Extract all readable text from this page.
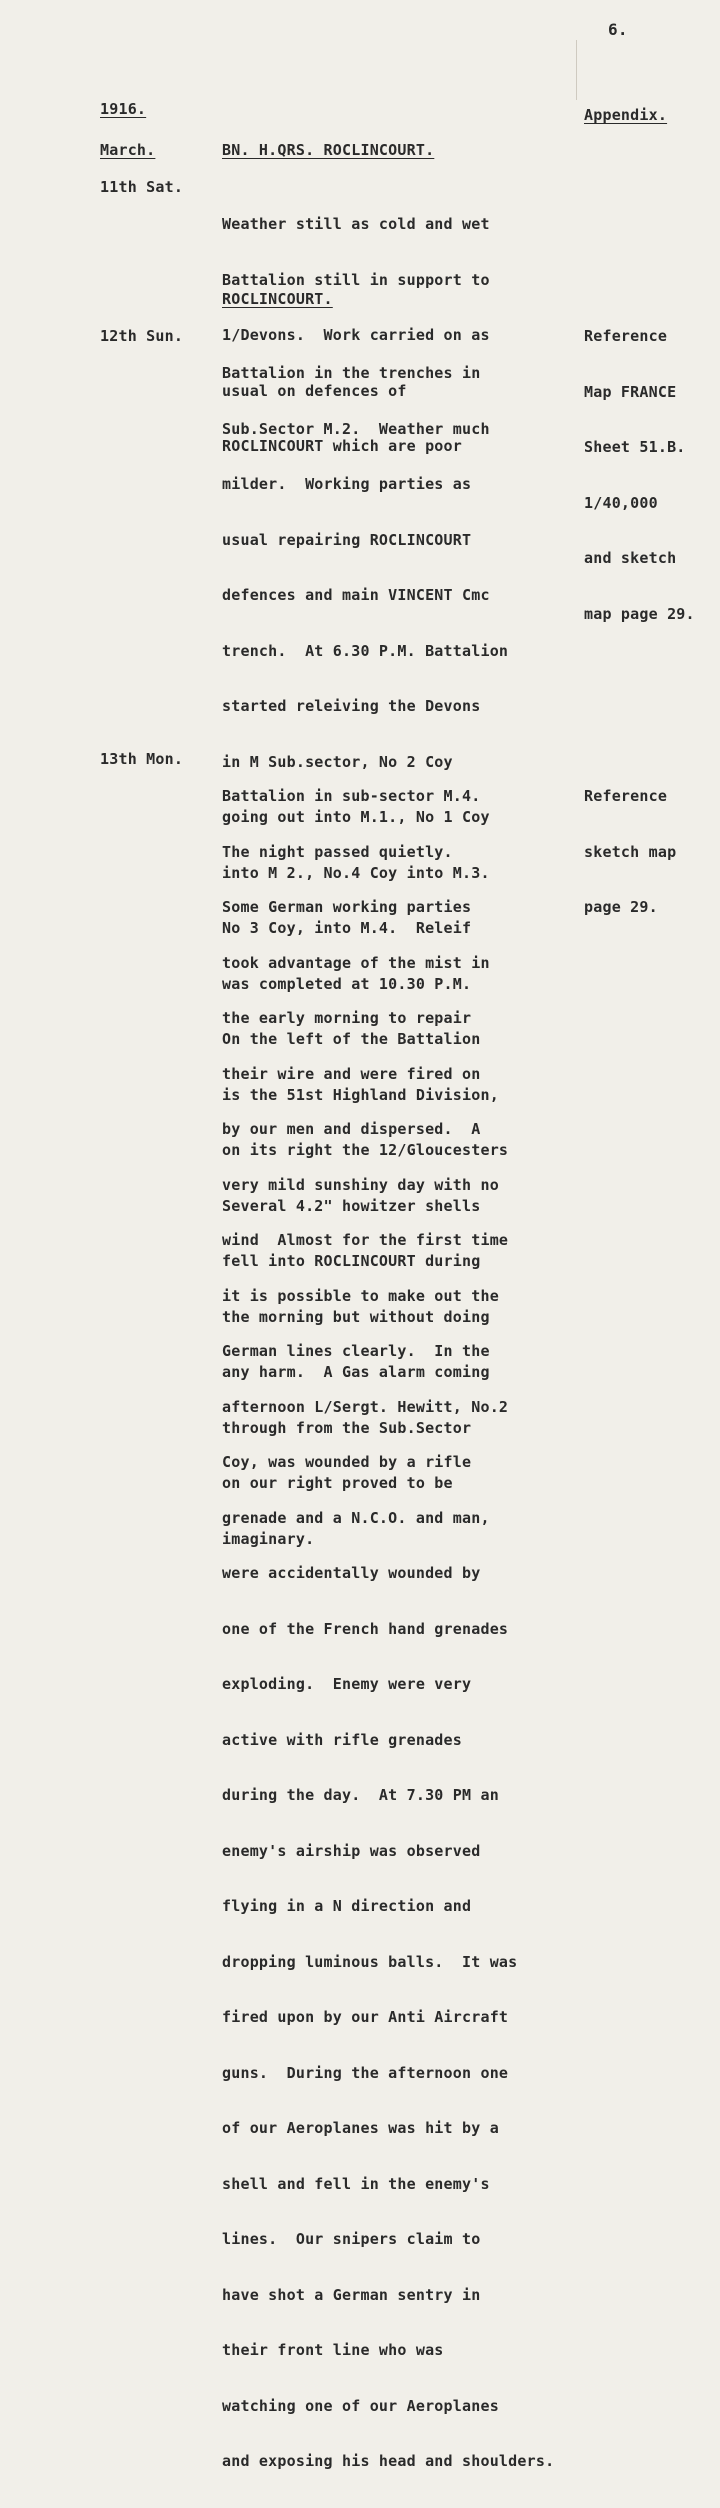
6.

1916.	Appendix.

March.	BN. H.QRS. ROCLINCOURT.

11th Sat.

Weather still as cold and wet

Battalion still in support to

1/Devons.  Work carried on as

usual on defences of

ROCLINCOURT which are poor

ROCLINCOURT.

Reference

Map FRANCE

Sheet 51.B.

1/40,000

and sketch

map page 29.

12th Sun.

Battalion in the trenches in

Sub.Sector M.2.  Weather much

milder.  Working parties as

usual repairing ROCLINCOURT

defences and main VINCENT Cmc

trench.  At 6.30 P.M. Battalion

started releiving the Devons

in M Sub.sector, No 2 Coy

going out into M.1., No 1 Coy

into M 2., No.4 Coy into M.3.

No 3 Coy, into M.4.  Releif

was completed at 10.30 P.M.

On the left of the Battalion

is the 51st Highland Division,

on its right the 12/Gloucesters

Several 4.2" howitzer shells

fell into ROCLINCOURT during

the morning but without doing

any harm.  A Gas alarm coming

through from the Sub.Sector

on our right proved to be

imaginary.

13th Mon.

Reference

sketch map

page 29.

Battalion in sub-sector M.4.

The night passed quietly.

Some German working parties

took advantage of the mist in

the early morning to repair

their wire and were fired on

by our men and dispersed.  A

very mild sunshiny day with no

wind  Almost for the first time

it is possible to make out the

German lines clearly.  In the

afternoon L/Sergt. Hewitt, No.2

Coy, was wounded by a rifle

grenade and a N.C.O. and man,

were accidentally wounded by

one of the French hand grenades

exploding.  Enemy were very

active with rifle grenades

during the day.  At 7.30 PM an

enemy's airship was observed

flying in a N direction and

dropping luminous balls.  It was

fired upon by our Anti Aircraft

guns.  During the afternoon one

of our Aeroplanes was hit by a

shell and fell in the enemy's

lines.  Our snipers claim to

have shot a German sentry in

their front line who was

watching one of our Aeroplanes

and exposing his head and shoulders.
